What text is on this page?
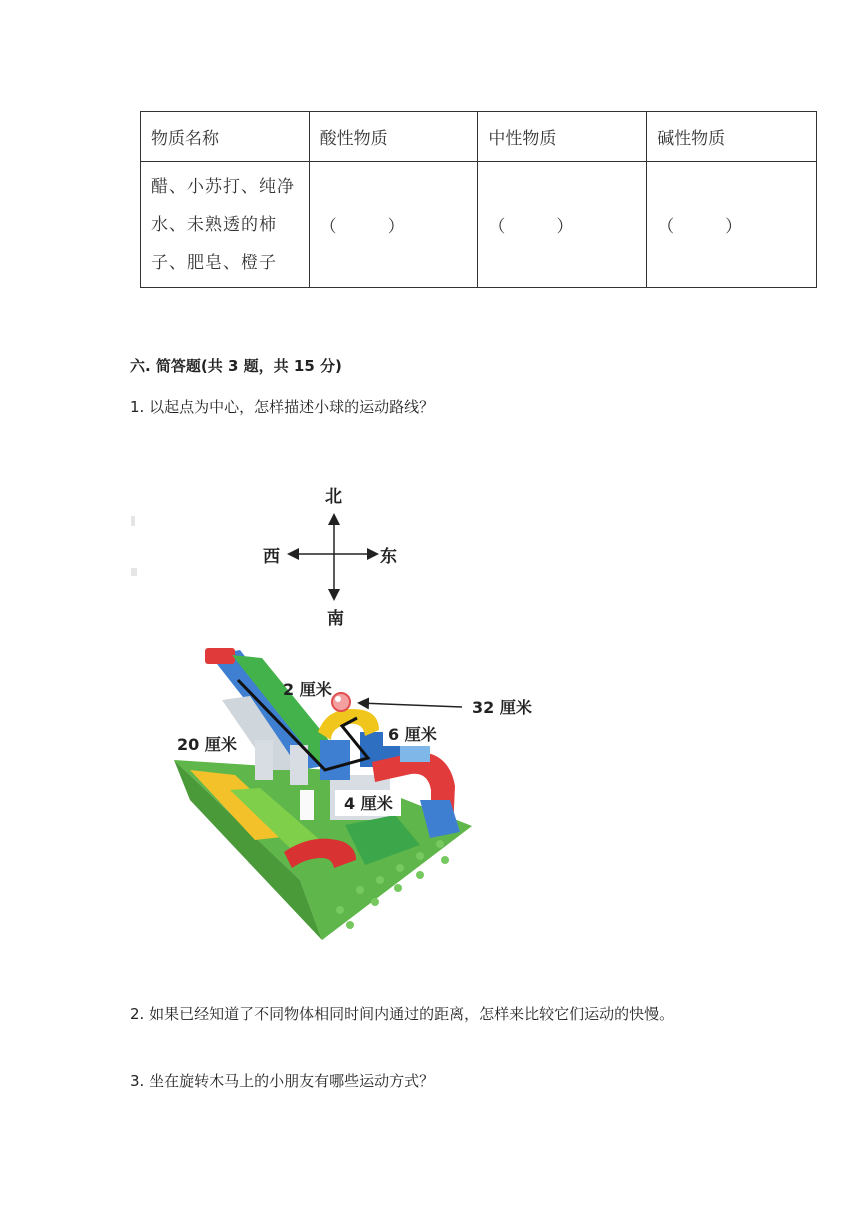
物质名称	酸性物质	中性物质	碱性物质

醋、小苏打、纯净
水、未熟透的柿
子、肥皂、橙子	（　　　）	（　　　）	（　　　）
六. 简答题(共 3 题，共 15 分)
1. 以起点为中心，怎样描述小球的运动路线？
2. 如果已经知道了不同物体相同时间内通过的距离，怎样来比较它们运动的快慢。
3. 坐在旋转木马上的小朋友有哪些运动方式？
北
南
西	东
2 厘米
32 厘米
6 厘米
20 厘米
4 厘米
